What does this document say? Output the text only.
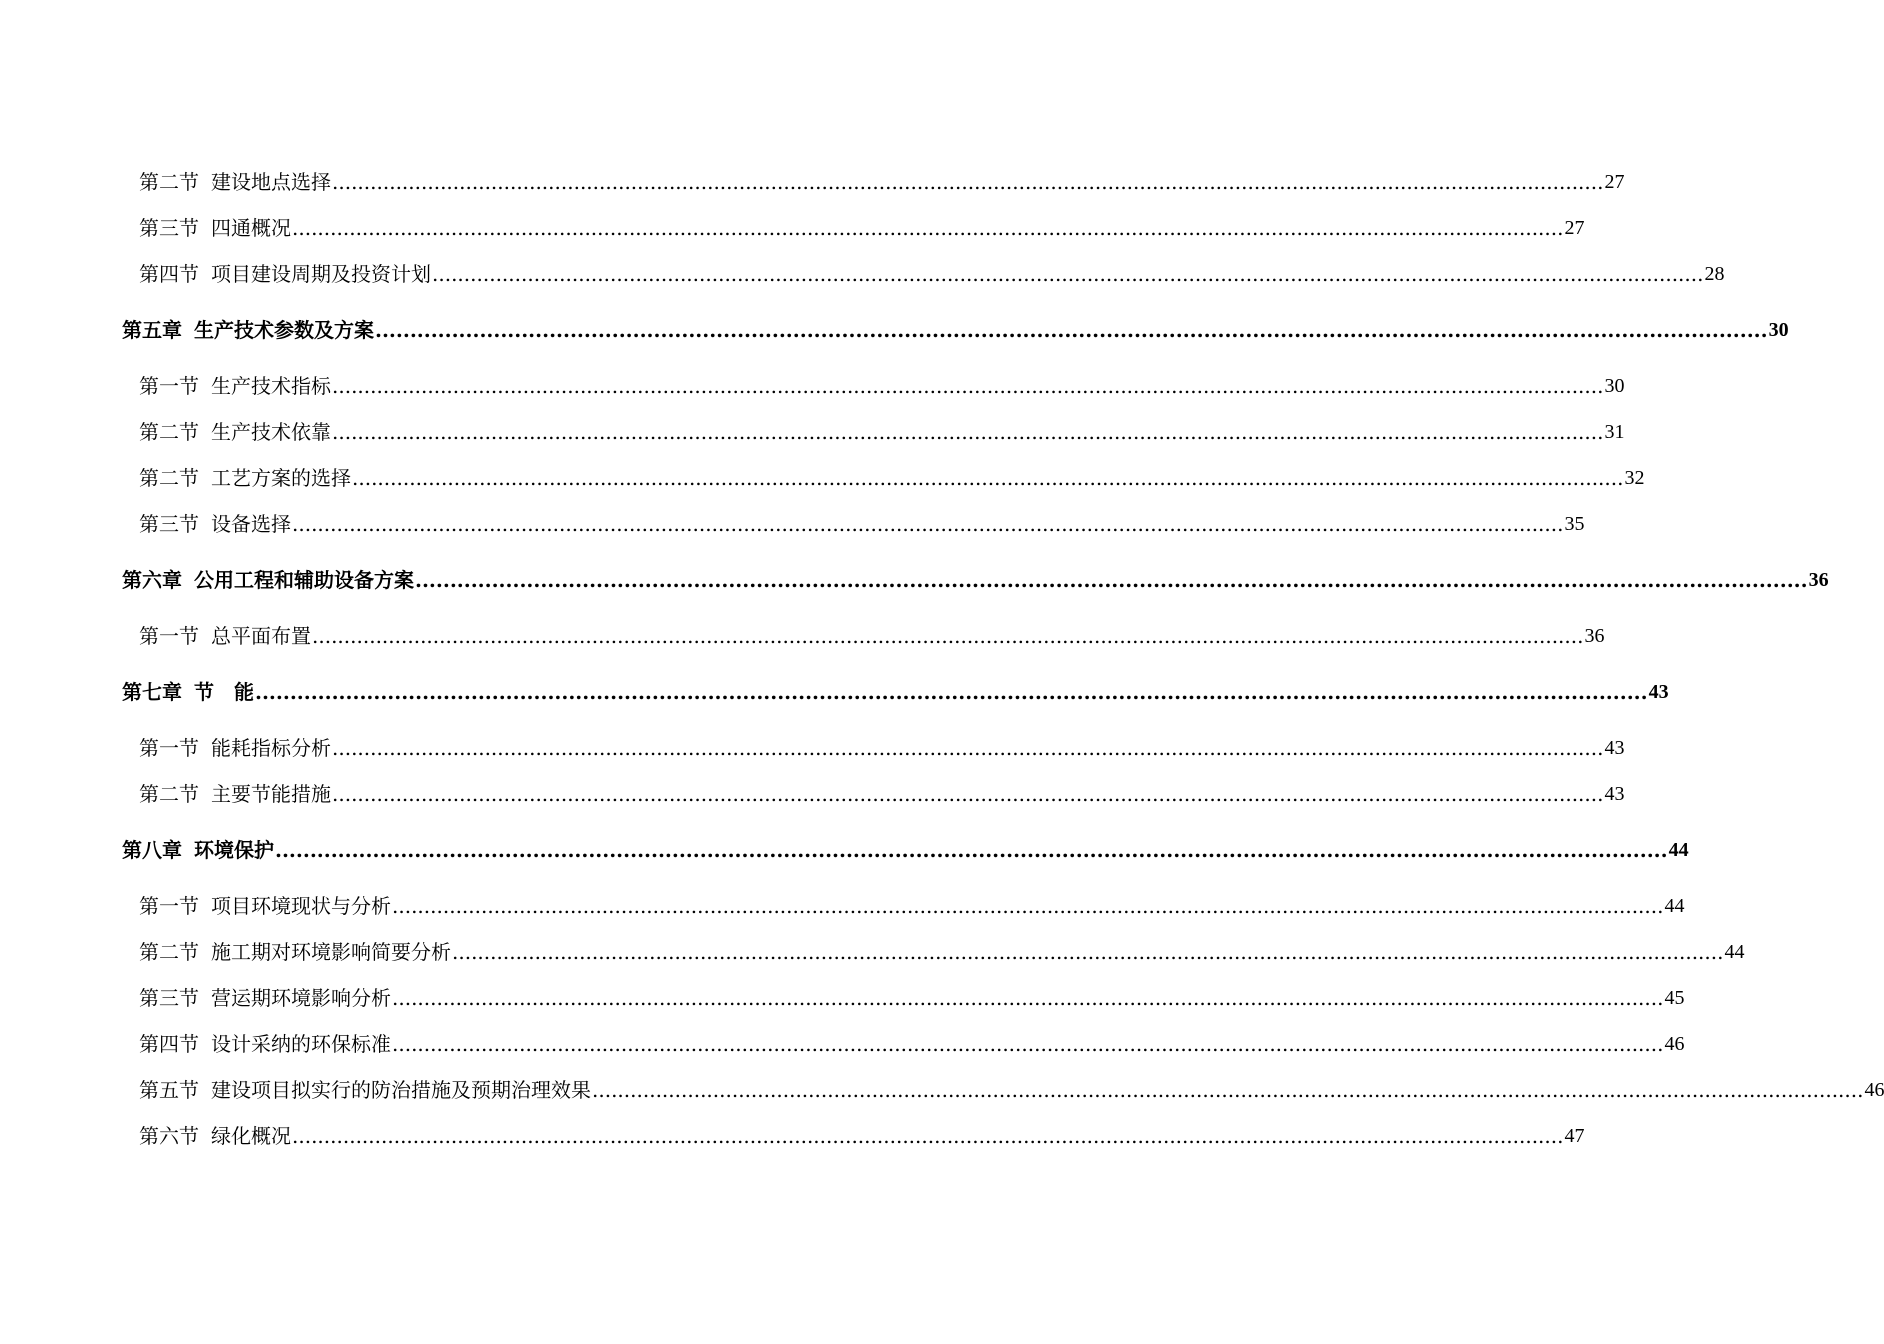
第二节 建设地点选择 ........................................................................................................................................................................................................ 27
第三节 四通概况 ........................................................................................................................................................................................................ 27
第四节 项目建设周期及投资计划 ........................................................................................................................................................................................................ 28
第五章 生产技术参数及方案 ........................................................................................................................................................................................................ 30
第一节 生产技术指标 ........................................................................................................................................................................................................ 30
第二节 生产技术依靠 ........................................................................................................................................................................................................ 31
第二节 工艺方案的选择 ........................................................................................................................................................................................................ 32
第三节 设备选择 ........................................................................................................................................................................................................ 35
第六章 公用工程和辅助设备方案 ........................................................................................................................................................................................................ 36
第一节 总平面布置 ........................................................................................................................................................................................................ 36
第七章 节　能 ........................................................................................................................................................................................................ 43
第一节 能耗指标分析 ........................................................................................................................................................................................................ 43
第二节 主要节能措施 ........................................................................................................................................................................................................ 43
第八章 环境保护 ........................................................................................................................................................................................................ 44
第一节 项目环境现状与分析 ........................................................................................................................................................................................................ 44
第二节 施工期对环境影响简要分析 ........................................................................................................................................................................................................ 44
第三节 营运期环境影响分析 ........................................................................................................................................................................................................ 45
第四节 设计采纳的环保标准 ........................................................................................................................................................................................................ 46
第五节 建设项目拟实行的防治措施及预期治理效果 ........................................................................................................................................................................................................ 46
第六节 绿化概况 ........................................................................................................................................................................................................ 47
